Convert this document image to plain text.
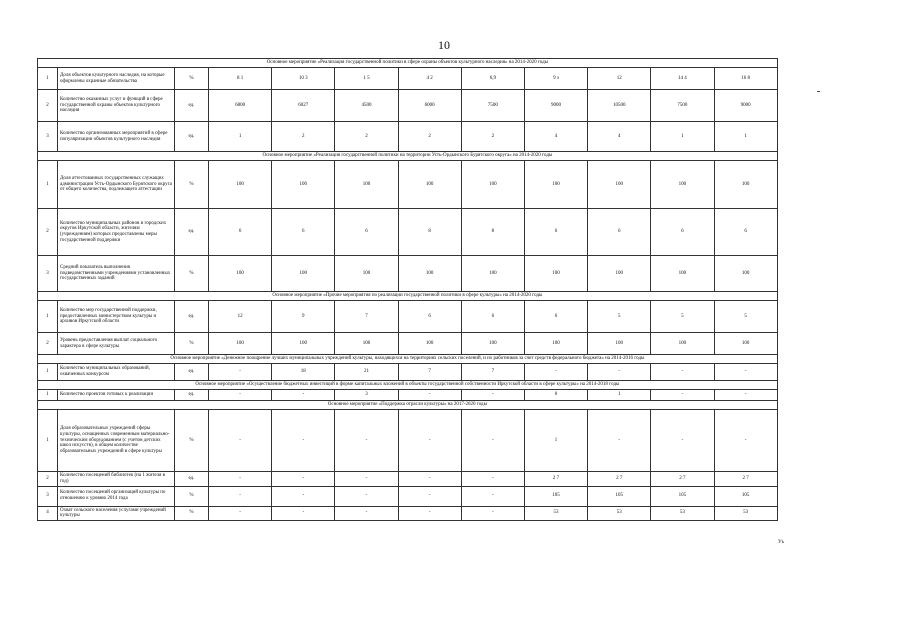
10
Основное мероприятие «Реализация государственной политики в сфере охраны объектов культурного наследия» на 2014-2020 годы											
1	Доля объектов культурного наследия, на которые оформлены охранные обязательства	%	8 1	10 3	1 5	4 2	6,9	9 з	12	14 4	16 8
2	Количество оказанных услуг и функций в сфере государственной охраны объектов культурного наследия	ед.	6800	6027	4500	6000	7500	9000	10500	7500	9000
3	Количество организованных мероприятий в сфере популяризации объектов культурного наследия	ед.	1	2	2	2	2	4	4	1	1
Основное мероприятие «Реализация государственной политики на территории Усть-Ордынского Бурятского округа» на 2014-2020 годы											
1	Доля аттестованных государственных служащих администрации Усть-Ордынского Бурятского округа от общего количества, подлежащего аттестации	%	100	100	100	100	100	100	100	100	100
2	Количество муниципальных районов и городских округов Иркутской области, жителям (учреждениям) которых предоставлены меры государственной поддержки	ед.	6	6	6	8	8	6	6	6	6
3	Средний показатель выполнения подведомственными учреждениями установленных государственных заданий	%	100	100	100	100	100	100	100	100	100
Основное мероприятие «Прочие мероприятия по реализации государственной политики в сфере культуры» на 2014-2020 годы											
1	Количество мер государственной поддержки, предоставленных министерством культуры и архивов Иркутской области	ед.	12	9	7	6	6	6	5	5	5
2	Уровень предоставления выплат социального характера в сфере культуры	%	100	100	100	100	100	100	100	100	100
Основное мероприятие «Денежное поощрение лучших муниципальных учреждений культуры, находящихся на территориях сельских поселений, и их работников за счет средств федерального бюджета» на 2014-2016 годы											
1	Количество муниципальных образований, охваченных конкурсом	ед.	-	18	21	7	7	-	-	-	-
Основное мероприятие «Осуществление бюджетных инвестиций в форме капитальных вложений в объекты государственной собственности Иркутской области в сфере культуры» на 2014-2018 годы											
1	Количество проектов готовых к реализации	ед.	-	-	3	-	-	0	1	-	-
Основное мероприятие «Поддержка отрасли культуры» на 2017-2020 годы											
1	Доля образовательных учреждений сферы культуры, оснащенных современным материально-техническим оборудованием (с учетом детских школ искусств), в общем количестве образовательных учреждений в сфере культуры	%	-	-	-	-	-	1	-	-	-
2	Количество посещений библиотек (на 1 жителя в год)	ед.	-	-	-	-	-	2 7	2 7	2 7	2 7
3	Количество посещений организаций культуры по отношению к уровню 2014 года	%	-	-	-	-	-	105	105	105	105
4	Охват сельского населения услугами учреждений культуры	%	-	-	-	-	-	53	53	53	53
Уъ
